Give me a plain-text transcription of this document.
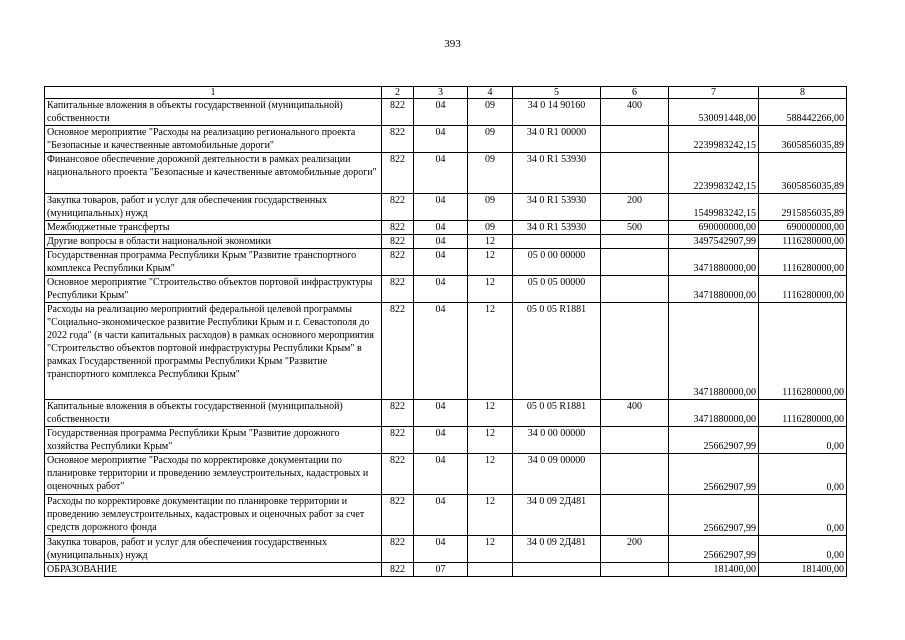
393
1	2	3	4	5	6	7	8
Капитальные вложения в объекты государственной (муниципальной) собственности	822	04	09	34 0 14 90160	400	530091448,00	588442266,00
Основное мероприятие "Расходы на реализацию регионального проекта "Безопасные и качественные автомобильные дороги"	822	04	09	34 0 R1 00000		2239983242,15	3605856035,89
Финансовое обеспечение дорожной деятельности в рамках реализации национального проекта "Безопасные и качественные автомобильные дороги"	822	04	09	34 0 R1 53930		2239983242,15	3605856035,89
Закупка товаров, работ и услуг для обеспечения государственных (муниципальных) нужд	822	04	09	34 0 R1 53930	200	1549983242,15	2915856035,89
Межбюджетные трансферты	822	04	09	34 0 R1 53930	500	690000000,00	690000000,00
Другие вопросы в области национальной экономики	822	04	12			3497542907,99	1116280000,00
Государственная программа Республики Крым "Развитие транспортного комплекса Республики Крым"	822	04	12	05 0 00 00000		3471880000,00	1116280000,00
Основное мероприятие "Строительство объектов портовой инфраструктуры Республики Крым"	822	04	12	05 0 05 00000		3471880000,00	1116280000,00
Расходы на реализацию мероприятий федеральной целевой программы "Социально-экономическое развитие Республики Крым и г. Севастополя до 2022 года" (в части капитальных расходов) в рамках основного мероприятия "Строительство объектов портовой инфраструктуры Республики Крым" в рамках Государственной программы Республики Крым "Развитие транспортного комплекса Республики Крым"	822	04	12	05 0 05 R1881		3471880000,00	1116280000,00
Капитальные вложения в объекты государственной (муниципальной) собственности	822	04	12	05 0 05 R1881	400	3471880000,00	1116280000,00
Государственная программа Республики Крым "Развитие дорожного хозяйства Республики Крым"	822	04	12	34 0 00 00000		25662907,99	0,00
Основное мероприятие "Расходы по корректировке документации по планировке территории и проведению землеустроительных, кадастровых и оценочных работ"	822	04	12	34 0 09 00000		25662907,99	0,00
Расходы по корректировке документации по планировке территории и проведению землеустроительных, кадастровых и оценочных работ за счет средств дорожного фонда	822	04	12	34 0 09 2Д481		25662907,99	0,00
Закупка товаров, работ и услуг для обеспечения государственных (муниципальных) нужд	822	04	12	34 0 09 2Д481	200	25662907,99	0,00
ОБРАЗОВАНИЕ	822	07				181400,00	181400,00
